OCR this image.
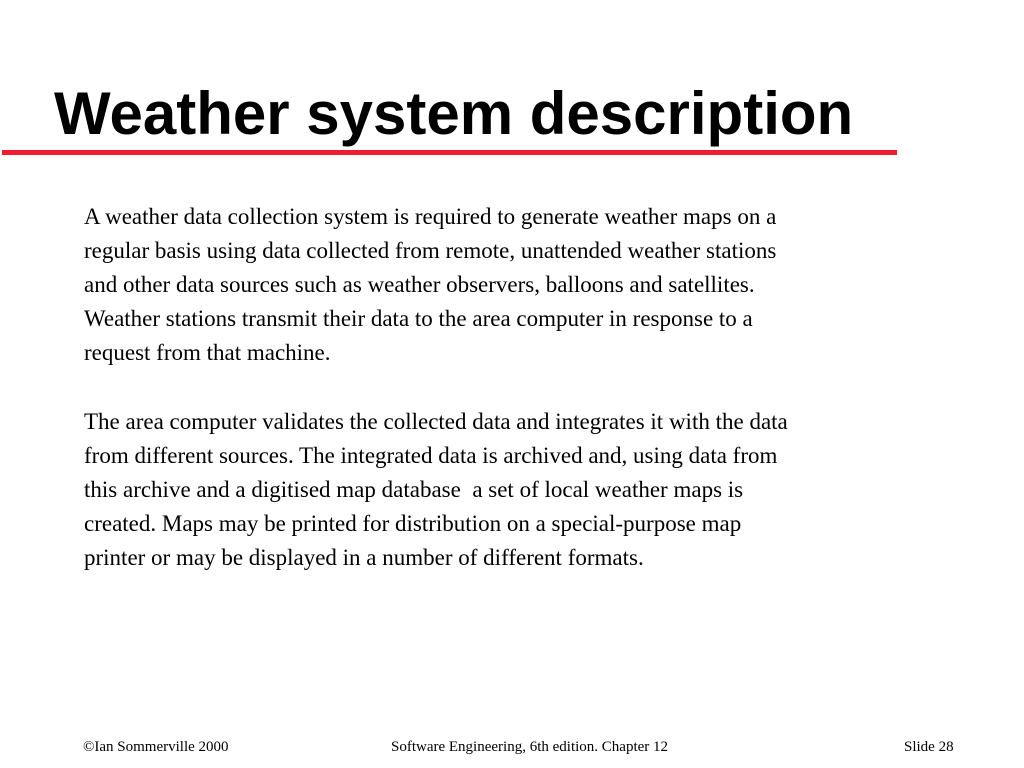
Weather system description

A weather data collection system is required to generate weather maps on a
regular basis using data collected from remote, unattended weather stations
and other data sources such as weather observers, balloons and satellites.
Weather stations transmit their data to the area computer in response to a
request from that machine.

The area computer validates the collected data and integrates it with the data
from different sources. The integrated data is archived and, using data from
this archive and a digitised map database  a set of local weather maps is
created. Maps may be printed for distribution on a special-purpose map
printer or may be displayed in a number of different formats.

©Ian Sommerville 2000	Software Engineering, 6th edition. Chapter 12	Slide 28
